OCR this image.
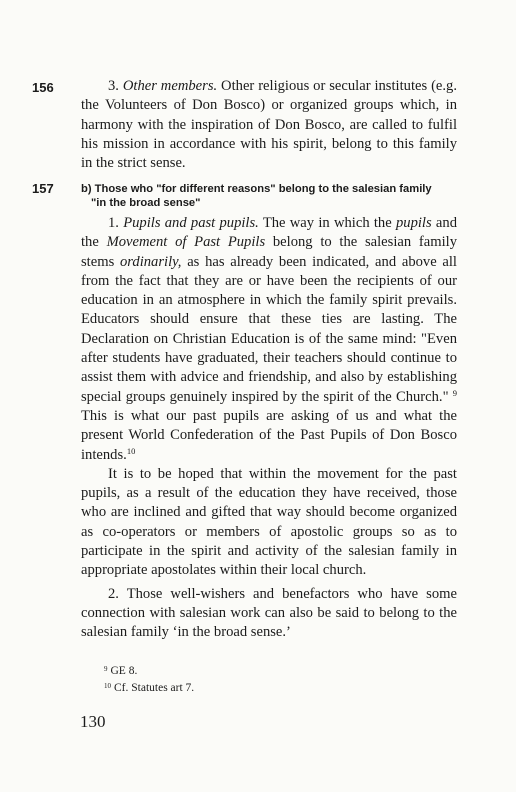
156	3. Other members. Other religious or secular institutes (e.g. the Volunteers of Don Bosco) or organized groups which, in harmony with the inspiration of Don Bosco, are called to fulfil his mission in accordance with his spirit, belong to this family in the strict sense.

157 b) Those who "for different reasons" belong to the salesian family
"in the broad sense"

1. Pupils and past pupils. The way in which the pupils and the Movement of Past Pupils belong to the salesian family stems ordinarily, as has already been indicated, and above all from the fact that they are or have been the recipients of our education in an atmosphere in which the family spirit prevails. Educators should ensure that these ties are lasting. The Declaration on Christian Education is of the same mind: "Even after students have graduated, their teachers should continue to assist them with advice and friendship, and also by establishing special groups genuinely inspired by the spirit of the Church." $^9$ This is what our past pupils are asking of us and what the present World Confederation of the Past Pupils of Don Bosco intends.$^{10}$

It is to be hoped that within the movement for the past pupils, as a result of the education they have received, those who are inclined and gifted that way should become organized as co-operators or members of apostolic groups so as to participate in the spirit and activity of the salesian family in appropriate apostolates within their local church.

2. Those well-wishers and benefactors who have some connection with salesian work can also be said to belong to the salesian family ‘in the broad sense.’

$^9$ GE 8.
$^{10}$ Cf. Statutes art 7.
130
